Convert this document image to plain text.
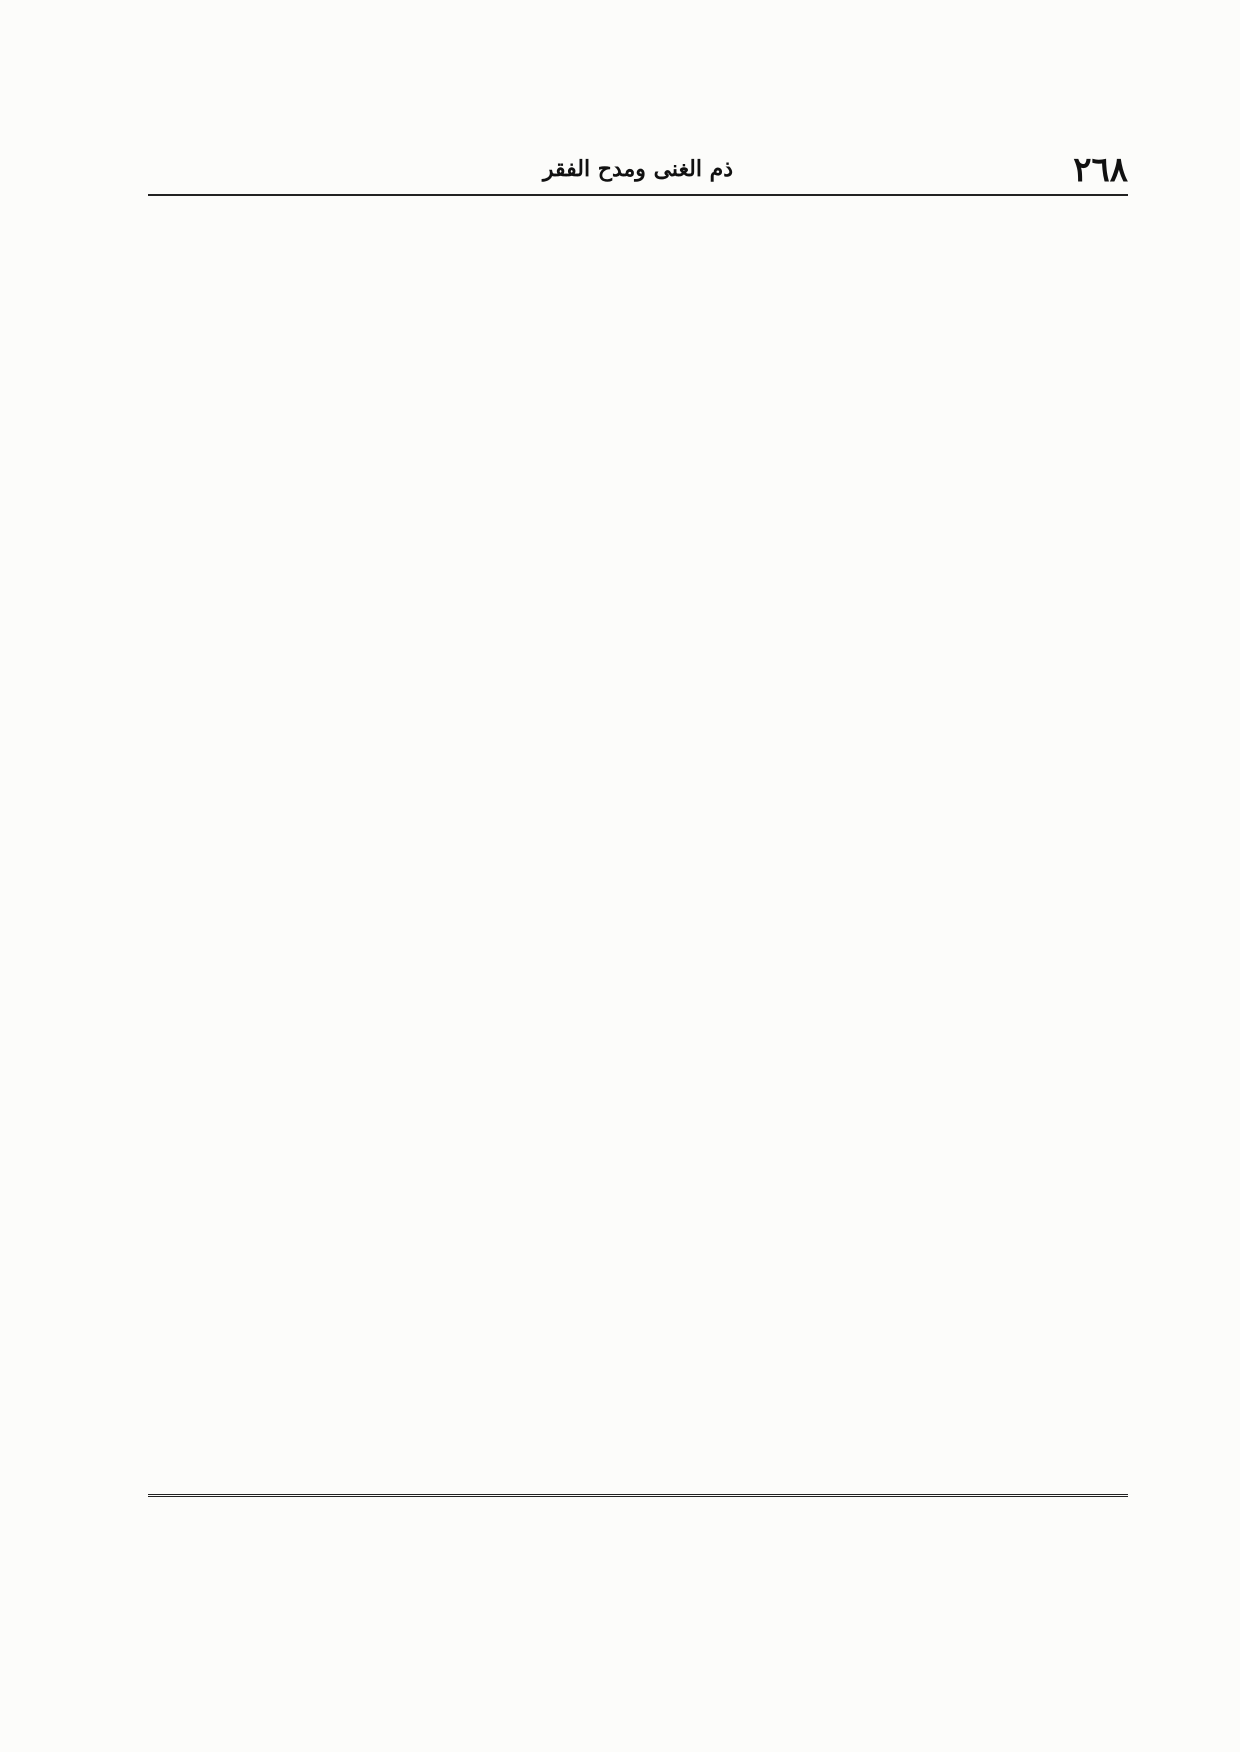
٢٦٨
ذم الغنى ومدح الفقر
